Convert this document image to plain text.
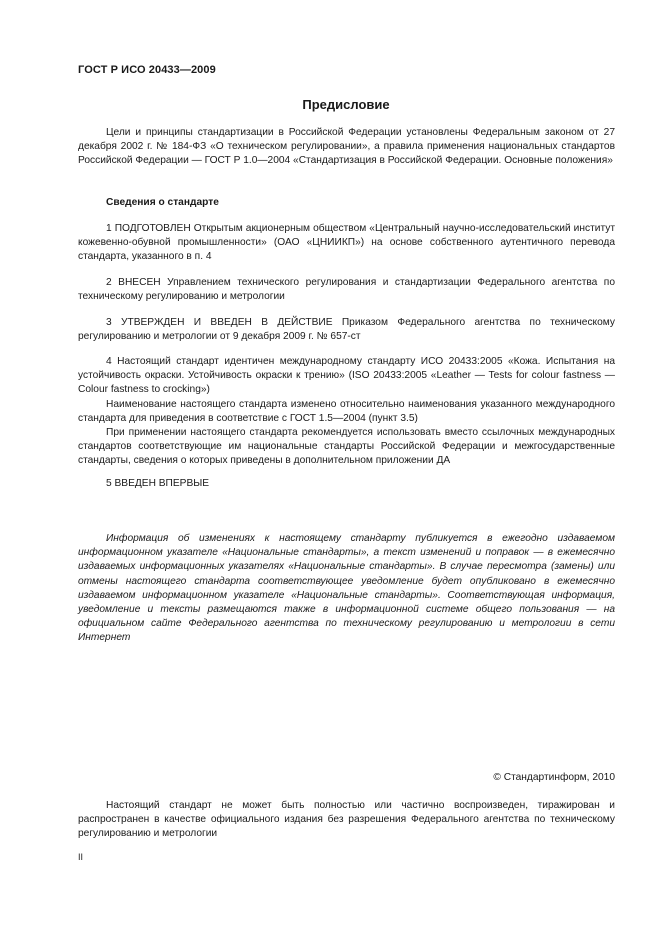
ГОСТ Р ИСО 20433—2009
Предисловие

Цели и принципы стандартизации в Российской Федерации установлены Федеральным законом от 27 декабря 2002 г. № 184-ФЗ «О техническом регулировании», а правила применения национальных стандартов Российской Федерации — ГОСТ Р 1.0—2004 «Стандартизация в Российской Федерации. Основные положения»

Сведения о стандарте

1 ПОДГОТОВЛЕН Открытым акционерным обществом «Центральный научно-исследовательский институт кожевенно-обувной промышленности» (ОАО «ЦНИИКП») на основе собственного аутентичного перевода стандарта, указанного в п. 4

2 ВНЕСЕН Управлением технического регулирования и стандартизации Федерального агентства по техническому регулированию и метрологии

3 УТВЕРЖДЕН И ВВЕДЕН В ДЕЙСТВИЕ Приказом Федерального агентства по техническому регулированию и метрологии от 9 декабря 2009 г. № 657-ст

4 Настоящий стандарт идентичен международному стандарту ИСО 20433:2005 «Кожа. Испытания на устойчивость окраски. Устойчивость окраски к трению» (ISO 20433:2005 «Leather — Tests for colour fastness — Colour fastness to crocking»)

Наименование настоящего стандарта изменено относительно наименования указанного международного стандарта для приведения в соответствие с ГОСТ 1.5—2004 (пункт 3.5)

При применении настоящего стандарта рекомендуется использовать вместо ссылочных международных стандартов соответствующие им национальные стандарты Российской Федерации и межгосударственные стандарты, сведения о которых приведены в дополнительном приложении ДА

5 ВВЕДЕН ВПЕРВЫЕ

Информация об изменениях к настоящему стандарту публикуется в ежегодно издаваемом информационном указателе «Национальные стандарты», а текст изменений и поправок — в ежемесячно издаваемых информационных указателях «Национальные стандарты». В случае пересмотра (замены) или отмены настоящего стандарта соответствующее уведомление будет опубликовано в ежемесячно издаваемом информационном указателе «Национальные стандарты». Соответствующая информация, уведомление и тексты размещаются также в информационной системе общего пользования — на официальном сайте Федерального агентства по техническому регулированию и метрологии в сети Интернет

© Стандартинформ, 2010

Настоящий стандарт не может быть полностью или частично воспроизведен, тиражирован и распространен в качестве официального издания без разрешения Федерального агентства по техническому регулированию и метрологии

II
